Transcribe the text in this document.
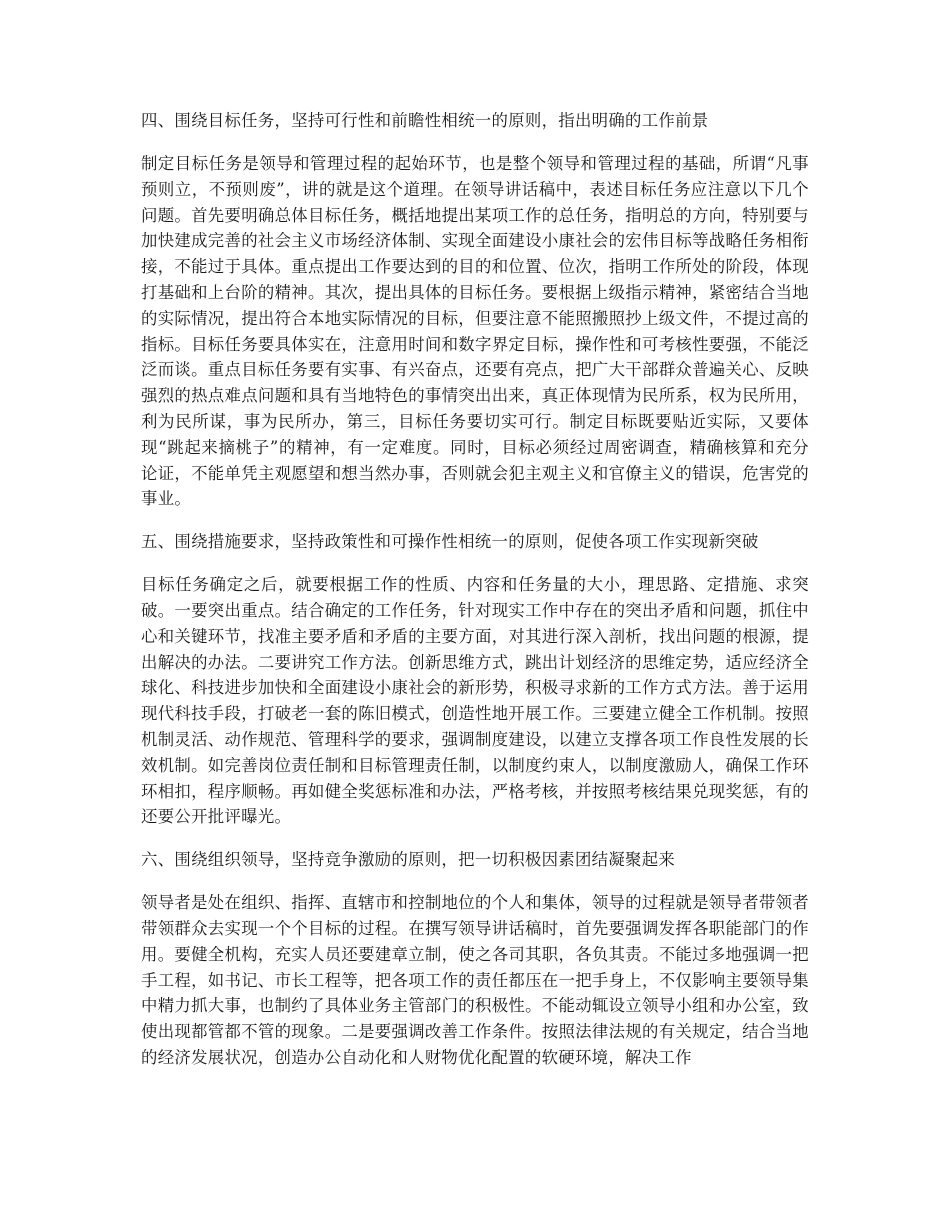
四、围绕目标任务，坚持可行性和前瞻性相统一的原则，指出明确的工作前景
制定目标任务是领导和管理过程的起始环节，也是整个领导和管理过程的基础，所谓“凡事预则立，不预则废”，讲的就是这个道理。在领导讲话稿中，表述目标任务应注意以下几个问题。首先要明确总体目标任务，概括地提出某项工作的总任务，指明总的方向，特别要与加快建成完善的社会主义市场经济体制、实现全面建设小康社会的宏伟目标等战略任务相衔接，不能过于具体。重点提出工作要达到的目的和位置、位次，指明工作所处的阶段，体现打基础和上台阶的精神。其次，提出具体的目标任务。要根据上级指示精神，紧密结合当地的实际情况，提出符合本地实际情况的目标，但要注意不能照搬照抄上级文件，不提过高的指标。目标任务要具体实在，注意用时间和数字界定目标，操作性和可考核性要强，不能泛泛而谈。重点目标任务要有实事、有兴奋点，还要有亮点，把广大干部群众普遍关心、反映强烈的热点难点问题和具有当地特色的事情突出出来，真正体现情为民所系，权为民所用，利为民所谋，事为民所办，第三，目标任务要切实可行。制定目标既要贴近实际，又要体现“跳起来摘桃子”的精神，有一定难度。同时，目标必须经过周密调查，精确核算和充分论证，不能单凭主观愿望和想当然办事，否则就会犯主观主义和官僚主义的错误，危害党的事业。
五、围绕措施要求，坚持政策性和可操作性相统一的原则，促使各项工作实现新突破
目标任务确定之后，就要根据工作的性质、内容和任务量的大小，理思路、定措施、求突破。一要突出重点。结合确定的工作任务，针对现实工作中存在的突出矛盾和问题，抓住中心和关键环节，找准主要矛盾和矛盾的主要方面，对其进行深入剖析，找出问题的根源，提出解决的办法。二要讲究工作方法。创新思维方式，跳出计划经济的思维定势，适应经济全球化、科技进步加快和全面建设小康社会的新形势，积极寻求新的工作方式方法。善于运用现代科技手段，打破老一套的陈旧模式，创造性地开展工作。三要建立健全工作机制。按照机制灵活、动作规范、管理科学的要求，强调制度建设，以建立支撑各项工作良性发展的长效机制。如完善岗位责任制和目标管理责任制，以制度约束人，以制度激励人，确保工作环环相扣，程序顺畅。再如健全奖惩标准和办法，严格考核，并按照考核结果兑现奖惩，有的还要公开批评曝光。
六、围绕组织领导，坚持竞争激励的原则，把一切积极因素团结凝聚起来
领导者是处在组织、指挥、直辖市和控制地位的个人和集体，领导的过程就是领导者带领者带领群众去实现一个个目标的过程。在撰写领导讲话稿时，首先要强调发挥各职能部门的作用。要健全机构，充实人员还要建章立制，使之各司其职，各负其责。不能过多地强调一把手工程，如书记、市长工程等，把各项工作的责任都压在一把手身上，不仅影响主要领导集中精力抓大事，也制约了具体业务主管部门的积极性。不能动辄设立领导小组和办公室，致使出现都管都不管的现象。二是要强调改善工作条件。按照法律法规的有关规定，结合当地的经济发展状况，创造办公自动化和人财物优化配置的软硬环境，解决工作
